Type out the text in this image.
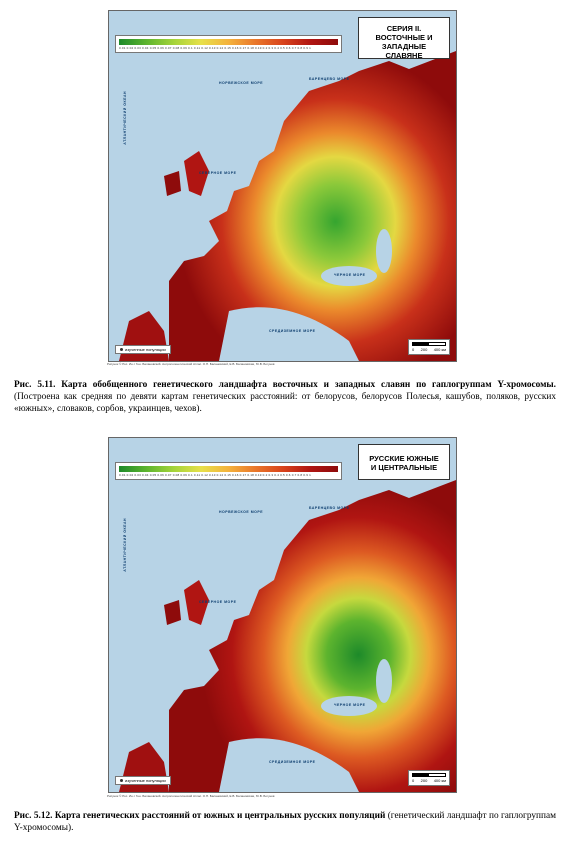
0.01 0.02 0.03 0.04 0.05 0.06 0.07 0.08 0.09 0.1 0.11 0.12 0.13 0.14 0.15 0.16 0.17 0.18 0.19 0.2 0.3 0.4 0.5 0.6 0.7 0.8 0.9 1
СЕРИЯ II.
ВОСТОЧНЫЕ И ЗАПАДНЫЕ
СЛАВЯНЕ
АТЛАНТИЧЕСКИЙ ОКЕАН
СЕВЕРНОЕ МОРЕ
НОРВЕЖСКОЕ МОРЕ
БАРЕНЦЕВО МОРЕ
ЧЕРНОЕ МОРЕ
СРЕДИЗЕМНОЕ МОРЕ
изученные популяции	0 200 400 км
Рисунок © Рос. Ин-т Ген. Балановский. Антропогенетический Атлас. О.П. Балановский, Е.В. Балановская, Ю.В. Богунов
Рис. 5.11. Карта обобщенного генетического ландшафта восточных и западных славян по гаплогруппам Y-хромосомы. (Построена как средняя по девяти картам генетических расстояний: от белорусов, белорусов Полесья, кашубов, поляков, русских «южных», словаков, сорбов, украинцев, чехов).
0.01 0.02 0.03 0.04 0.05 0.06 0.07 0.08 0.09 0.1 0.11 0.12 0.13 0.14 0.15 0.16 0.17 0.18 0.19 0.2 0.3 0.4 0.5 0.6 0.7 0.8 0.9 1
РУССКИЕ ЮЖНЫЕ
И ЦЕНТРАЛЬНЫЕ
АТЛАНТИЧЕСКИЙ ОКЕАН
СЕВЕРНОЕ МОРЕ
НОРВЕЖСКОЕ МОРЕ
БАРЕНЦЕВО МОРЕ
ЧЕРНОЕ МОРЕ
СРЕДИЗЕМНОЕ МОРЕ
изученные популяции	0 200 400 км
Рисунок © Рос. Ин-т Ген. Балановский. Антропогенетический Атлас. О.П. Балановский, Е.В. Балановская, Ю.В. Богунов
Рис. 5.12. Карта генетических расстояний от южных и центральных русских популяций (генетический ландшафт по гаплогруппам Y-хромосомы).
